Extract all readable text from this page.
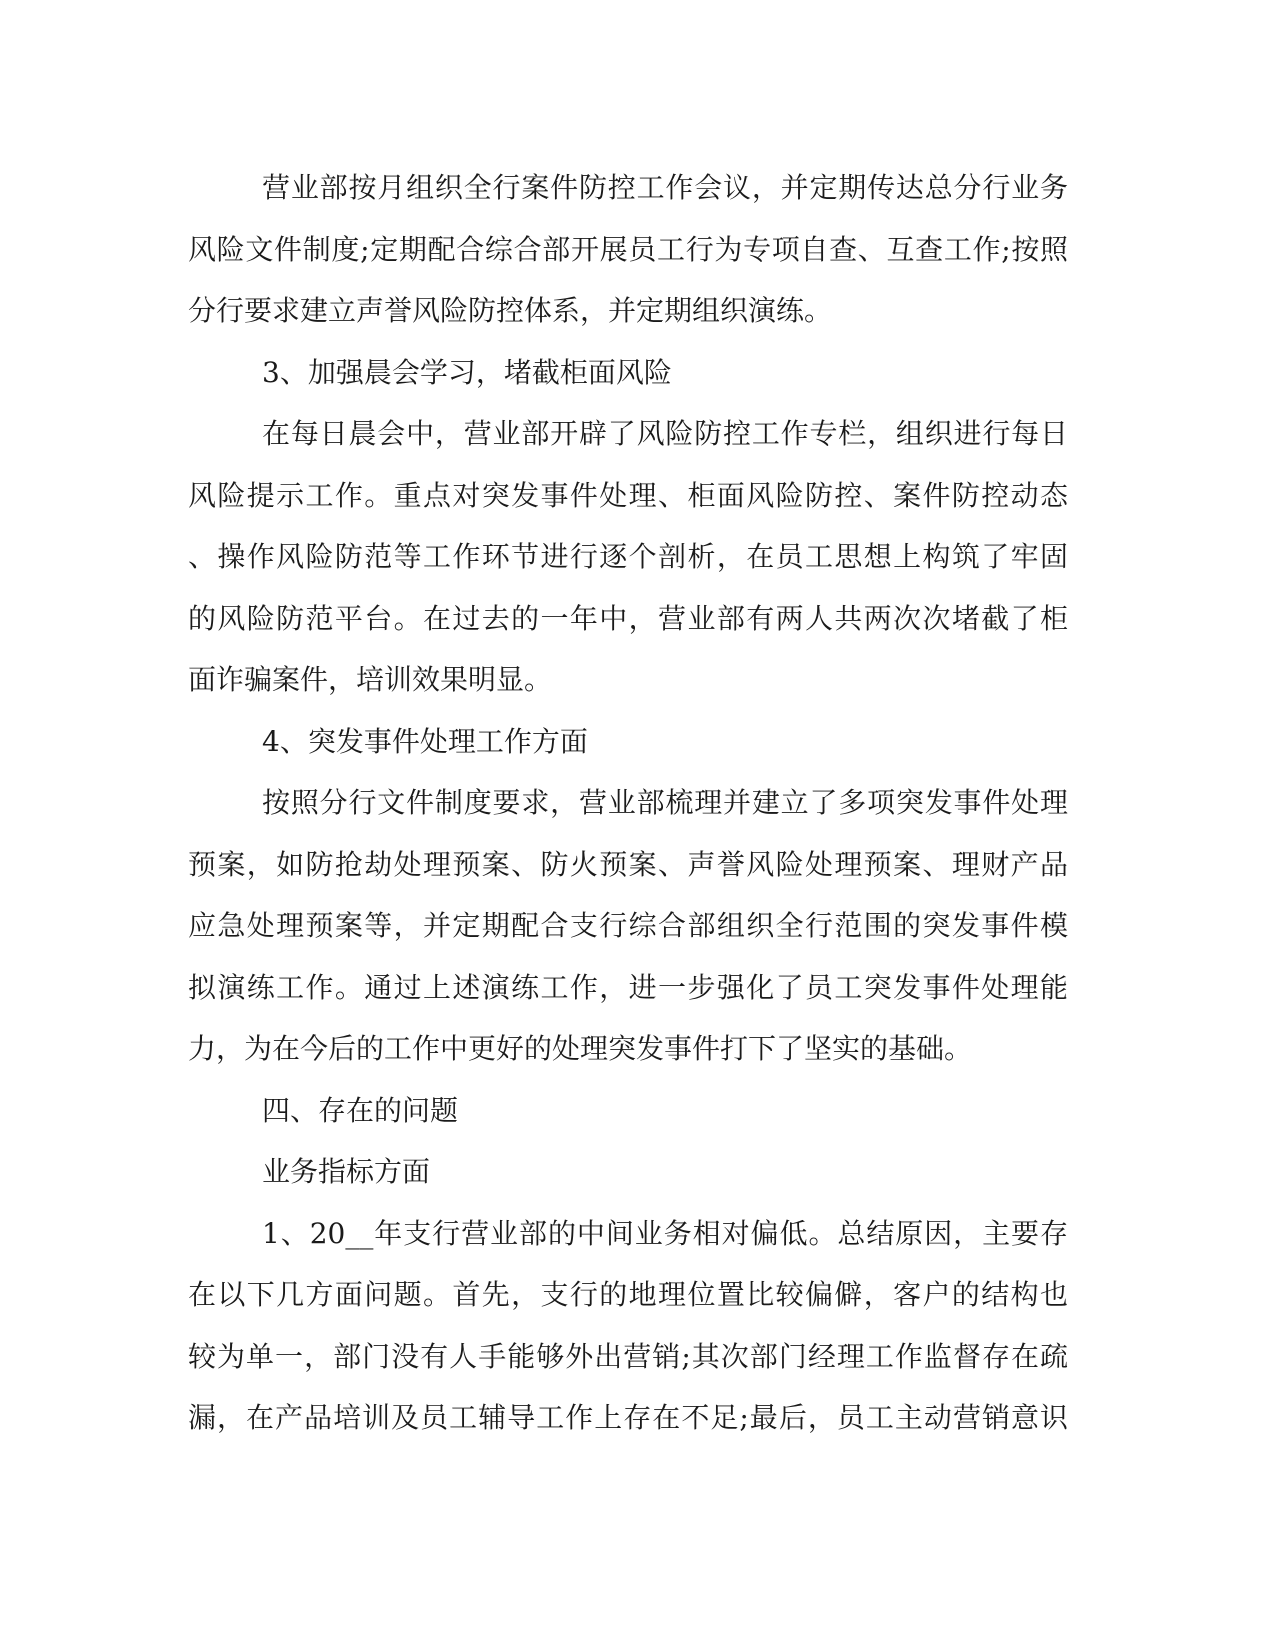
营业部按月组织全行案件防控工作会议，并定期传达总分行业务
风险文件制度;定期配合综合部开展员工行为专项自查、互查工作;按照
分行要求建立声誉风险防控体系，并定期组织演练。
3、加强晨会学习，堵截柜面风险
在每日晨会中，营业部开辟了风险防控工作专栏，组织进行每日
风险提示工作。重点对突发事件处理、柜面风险防控、案件防控动态
、操作风险防范等工作环节进行逐个剖析，在员工思想上构筑了牢固
的风险防范平台。在过去的一年中，营业部有两人共两次次堵截了柜
面诈骗案件，培训效果明显。
4、突发事件处理工作方面
按照分行文件制度要求，营业部梳理并建立了多项突发事件处理
预案，如防抢劫处理预案、防火预案、声誉风险处理预案、理财产品
应急处理预案等，并定期配合支行综合部组织全行范围的突发事件模
拟演练工作。通过上述演练工作，进一步强化了员工突发事件处理能
力，为在今后的工作中更好的处理突发事件打下了坚实的基础。
四、存在的问题
业务指标方面
1、20__年支行营业部的中间业务相对偏低。总结原因，主要存
在以下几方面问题。首先，支行的地理位置比较偏僻，客户的结构也
较为单一，部门没有人手能够外出营销;其次部门经理工作监督存在疏
漏，在产品培训及员工辅导工作上存在不足;最后，员工主动营销意识
